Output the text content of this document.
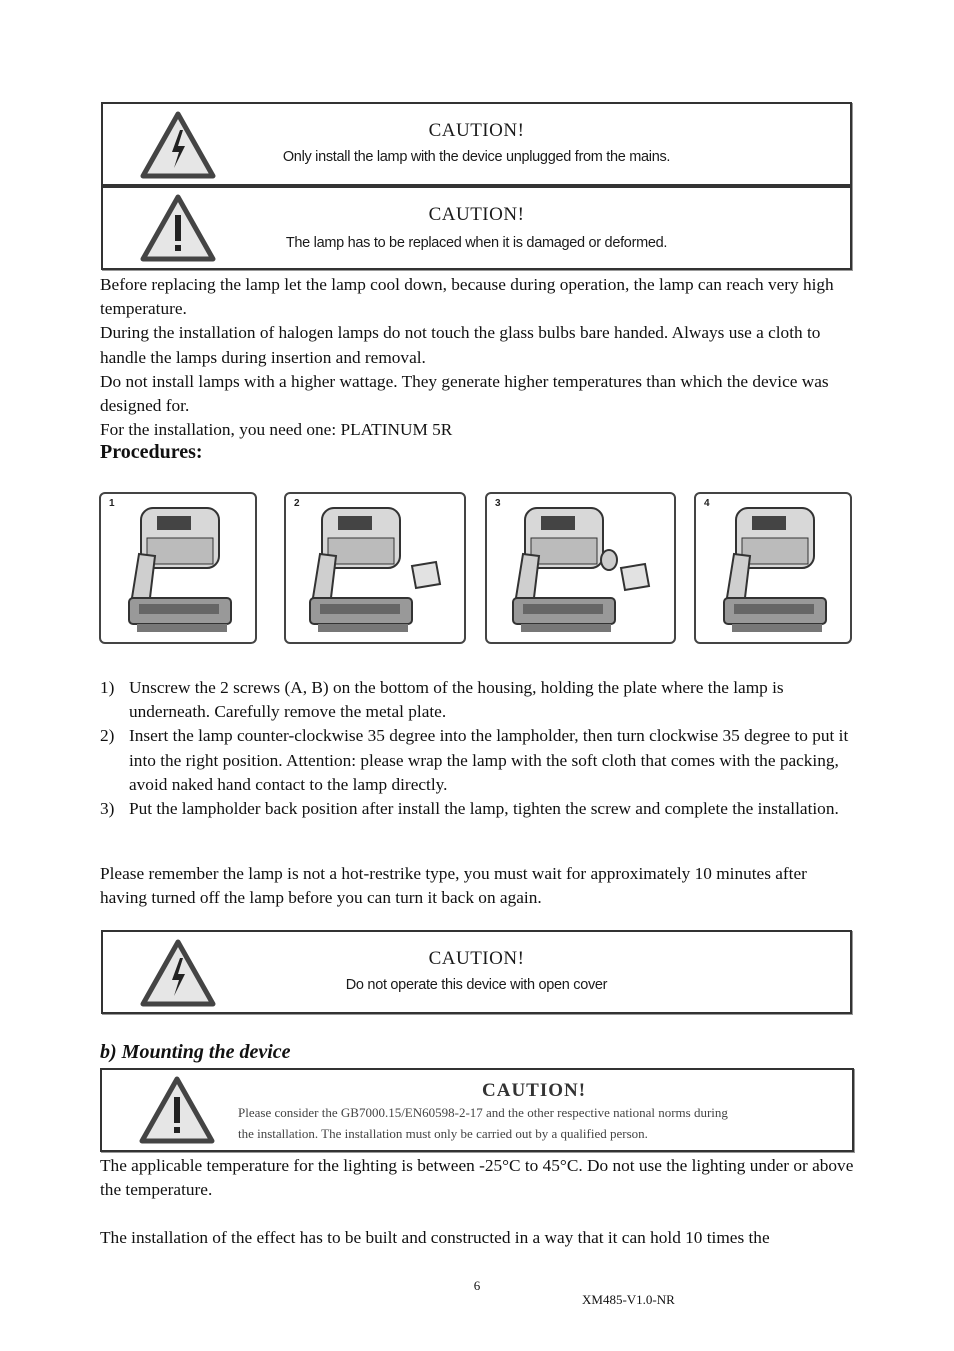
CAUTION!
Only install the lamp with the device unplugged from the mains.
CAUTION!
The lamp has to be replaced when it is damaged or deformed.

Before replacing the lamp let the lamp cool down, because during operation, the lamp can reach very high temperature.

During the installation of halogen lamps do not touch the glass bulbs bare handed. Always use a cloth to handle the lamps during insertion and removal.

Do not install lamps with a higher wattage. They generate higher temperatures than which the device was designed for.

For the installation, you need one: PLATINUM 5R

Procedures:
1	2	3	4

1) Unscrew the 2 screws (A, B) on the bottom of the housing, holding the plate where the lamp is underneath. Carefully remove the metal plate.

2) Insert the lamp counter-clockwise 35 degree into the lampholder, then turn clockwise 35 degree to put it into the right position. Attention: please wrap the lamp with the soft cloth that comes with the packing, avoid naked hand contact to the lamp directly.

3) Put the lampholder back position after install the lamp, tighten the screw and complete the installation.

Please remember the lamp is not a hot-restrike type, you must wait for approximately 10 minutes after having turned off the lamp before you can turn it back on again.
CAUTION!
Do not operate this device with open cover
b) Mounting the device
CAUTION!
Please consider the GB7000.15/EN60598-2-17 and the other respective national norms during
the installation. The installation must only be carried out by a qualified person.
The applicable temperature for the lighting is between -25°C to 45°C. Do not use the lighting under or above the temperature.
The installation of the effect has to be built and constructed in a way that it can hold 10 times the
6
XM485-V1.0-NR
